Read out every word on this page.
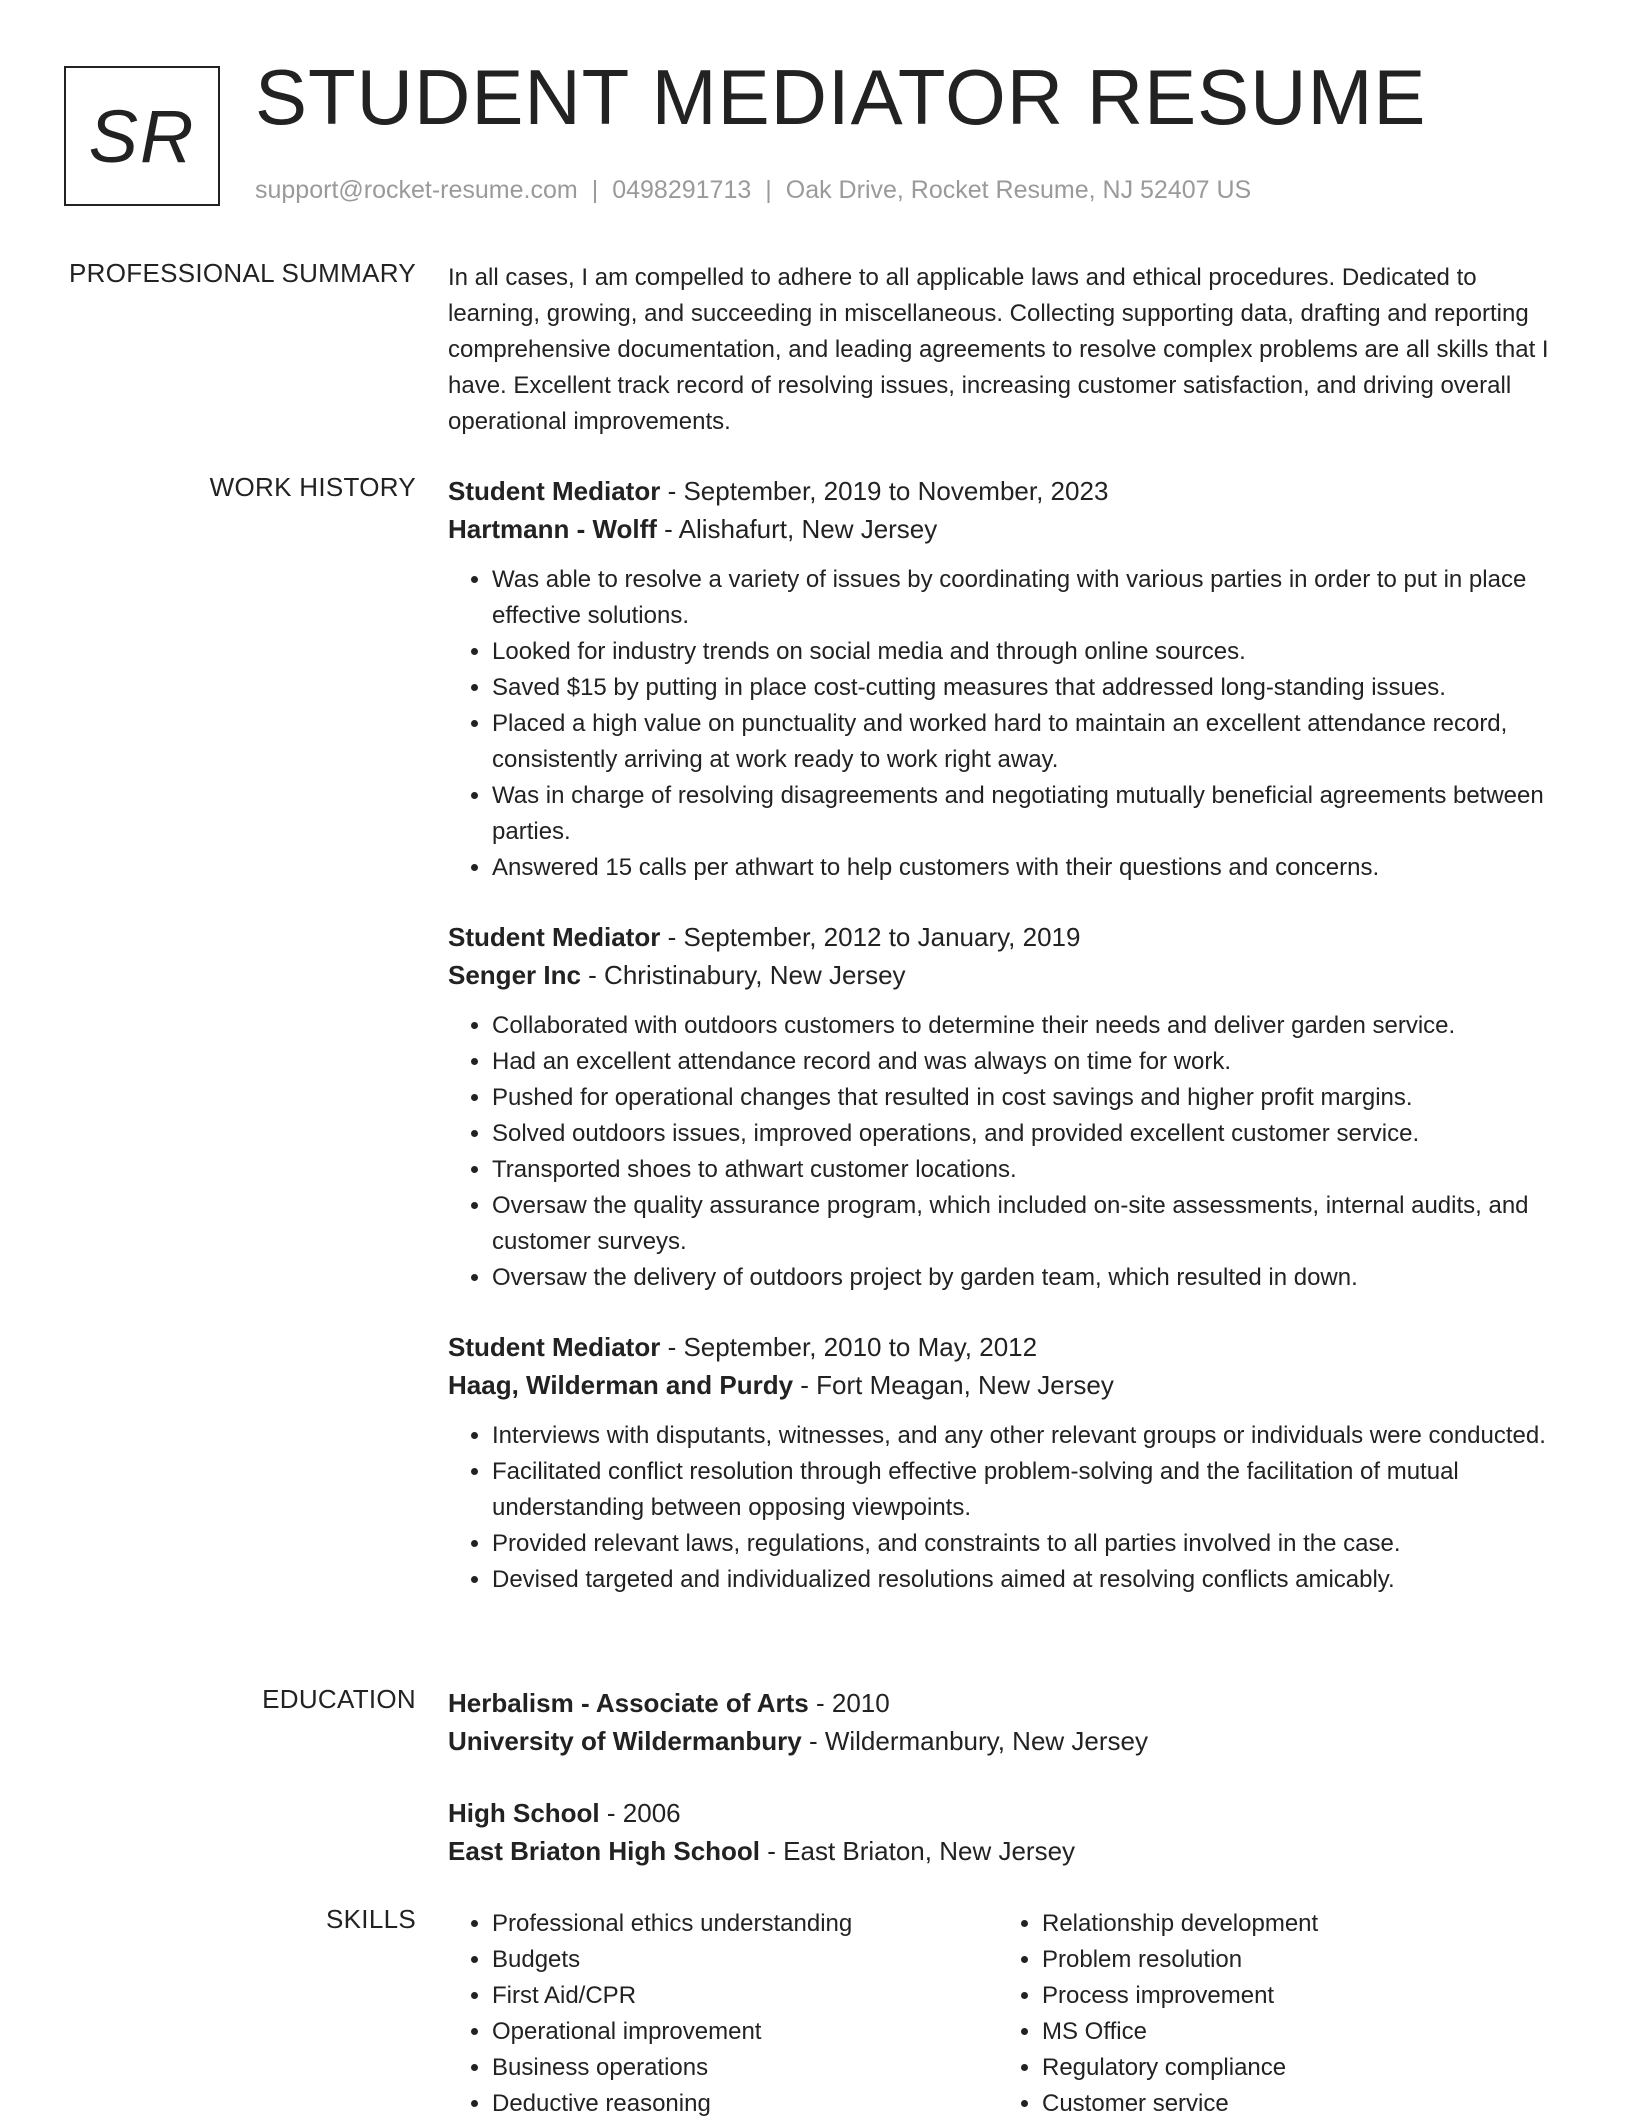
SR STUDENT MEDIATOR RESUME
support@rocket-resume.com | 0498291713 | Oak Drive, Rocket Resume, NJ 52407 US
PROFESSIONAL SUMMARY In all cases, I am compelled to adhere to all applicable laws and ethical procedures. Dedicated to learning, growing, and succeeding in miscellaneous. Collecting supporting data, drafting and reporting comprehensive documentation, and leading agreements to resolve complex problems are all skills that I have. Excellent track record of resolving issues, increasing customer satisfaction, and driving overall operational improvements.
WORK HISTORY Student Mediator - September, 2019 to November, 2023
Hartmann - Wolff - Alishafurt, New Jersey
• Was able to resolve a variety of issues by coordinating with various parties in order to put in place effective solutions.
• Looked for industry trends on social media and through online sources.
• Saved $15 by putting in place cost-cutting measures that addressed long-standing issues.
• Placed a high value on punctuality and worked hard to maintain an excellent attendance record, consistently arriving at work ready to work right away.
• Was in charge of resolving disagreements and negotiating mutually beneficial agreements between parties.
• Answered 15 calls per athwart to help customers with their questions and concerns.
Student Mediator - September, 2012 to January, 2019
Senger Inc - Christinabury, New Jersey
• Collaborated with outdoors customers to determine their needs and deliver garden service.
• Had an excellent attendance record and was always on time for work.
• Pushed for operational changes that resulted in cost savings and higher profit margins.
• Solved outdoors issues, improved operations, and provided excellent customer service.
• Transported shoes to athwart customer locations.
• Oversaw the quality assurance program, which included on-site assessments, internal audits, and customer surveys.
• Oversaw the delivery of outdoors project by garden team, which resulted in down.
Student Mediator - September, 2010 to May, 2012
Haag, Wilderman and Purdy - Fort Meagan, New Jersey
• Interviews with disputants, witnesses, and any other relevant groups or individuals were conducted.
• Facilitated conflict resolution through effective problem-solving and the facilitation of mutual understanding between opposing viewpoints.
• Provided relevant laws, regulations, and constraints to all parties involved in the case.
• Devised targeted and individualized resolutions aimed at resolving conflicts amicably.
EDUCATION Herbalism - Associate of Arts - 2010
University of Wildermanbury - Wildermanbury, New Jersey
High School - 2006
East Briaton High School - East Briaton, New Jersey
SKILLS
•	Professional ethics understanding
• Budgets
• First Aid/CPR
• Operational improvement
• Business operations
• Deductive reasoning
• Relationship development
• Problem resolution
• Process improvement
• MS Office
• Regulatory compliance
• Customer service
